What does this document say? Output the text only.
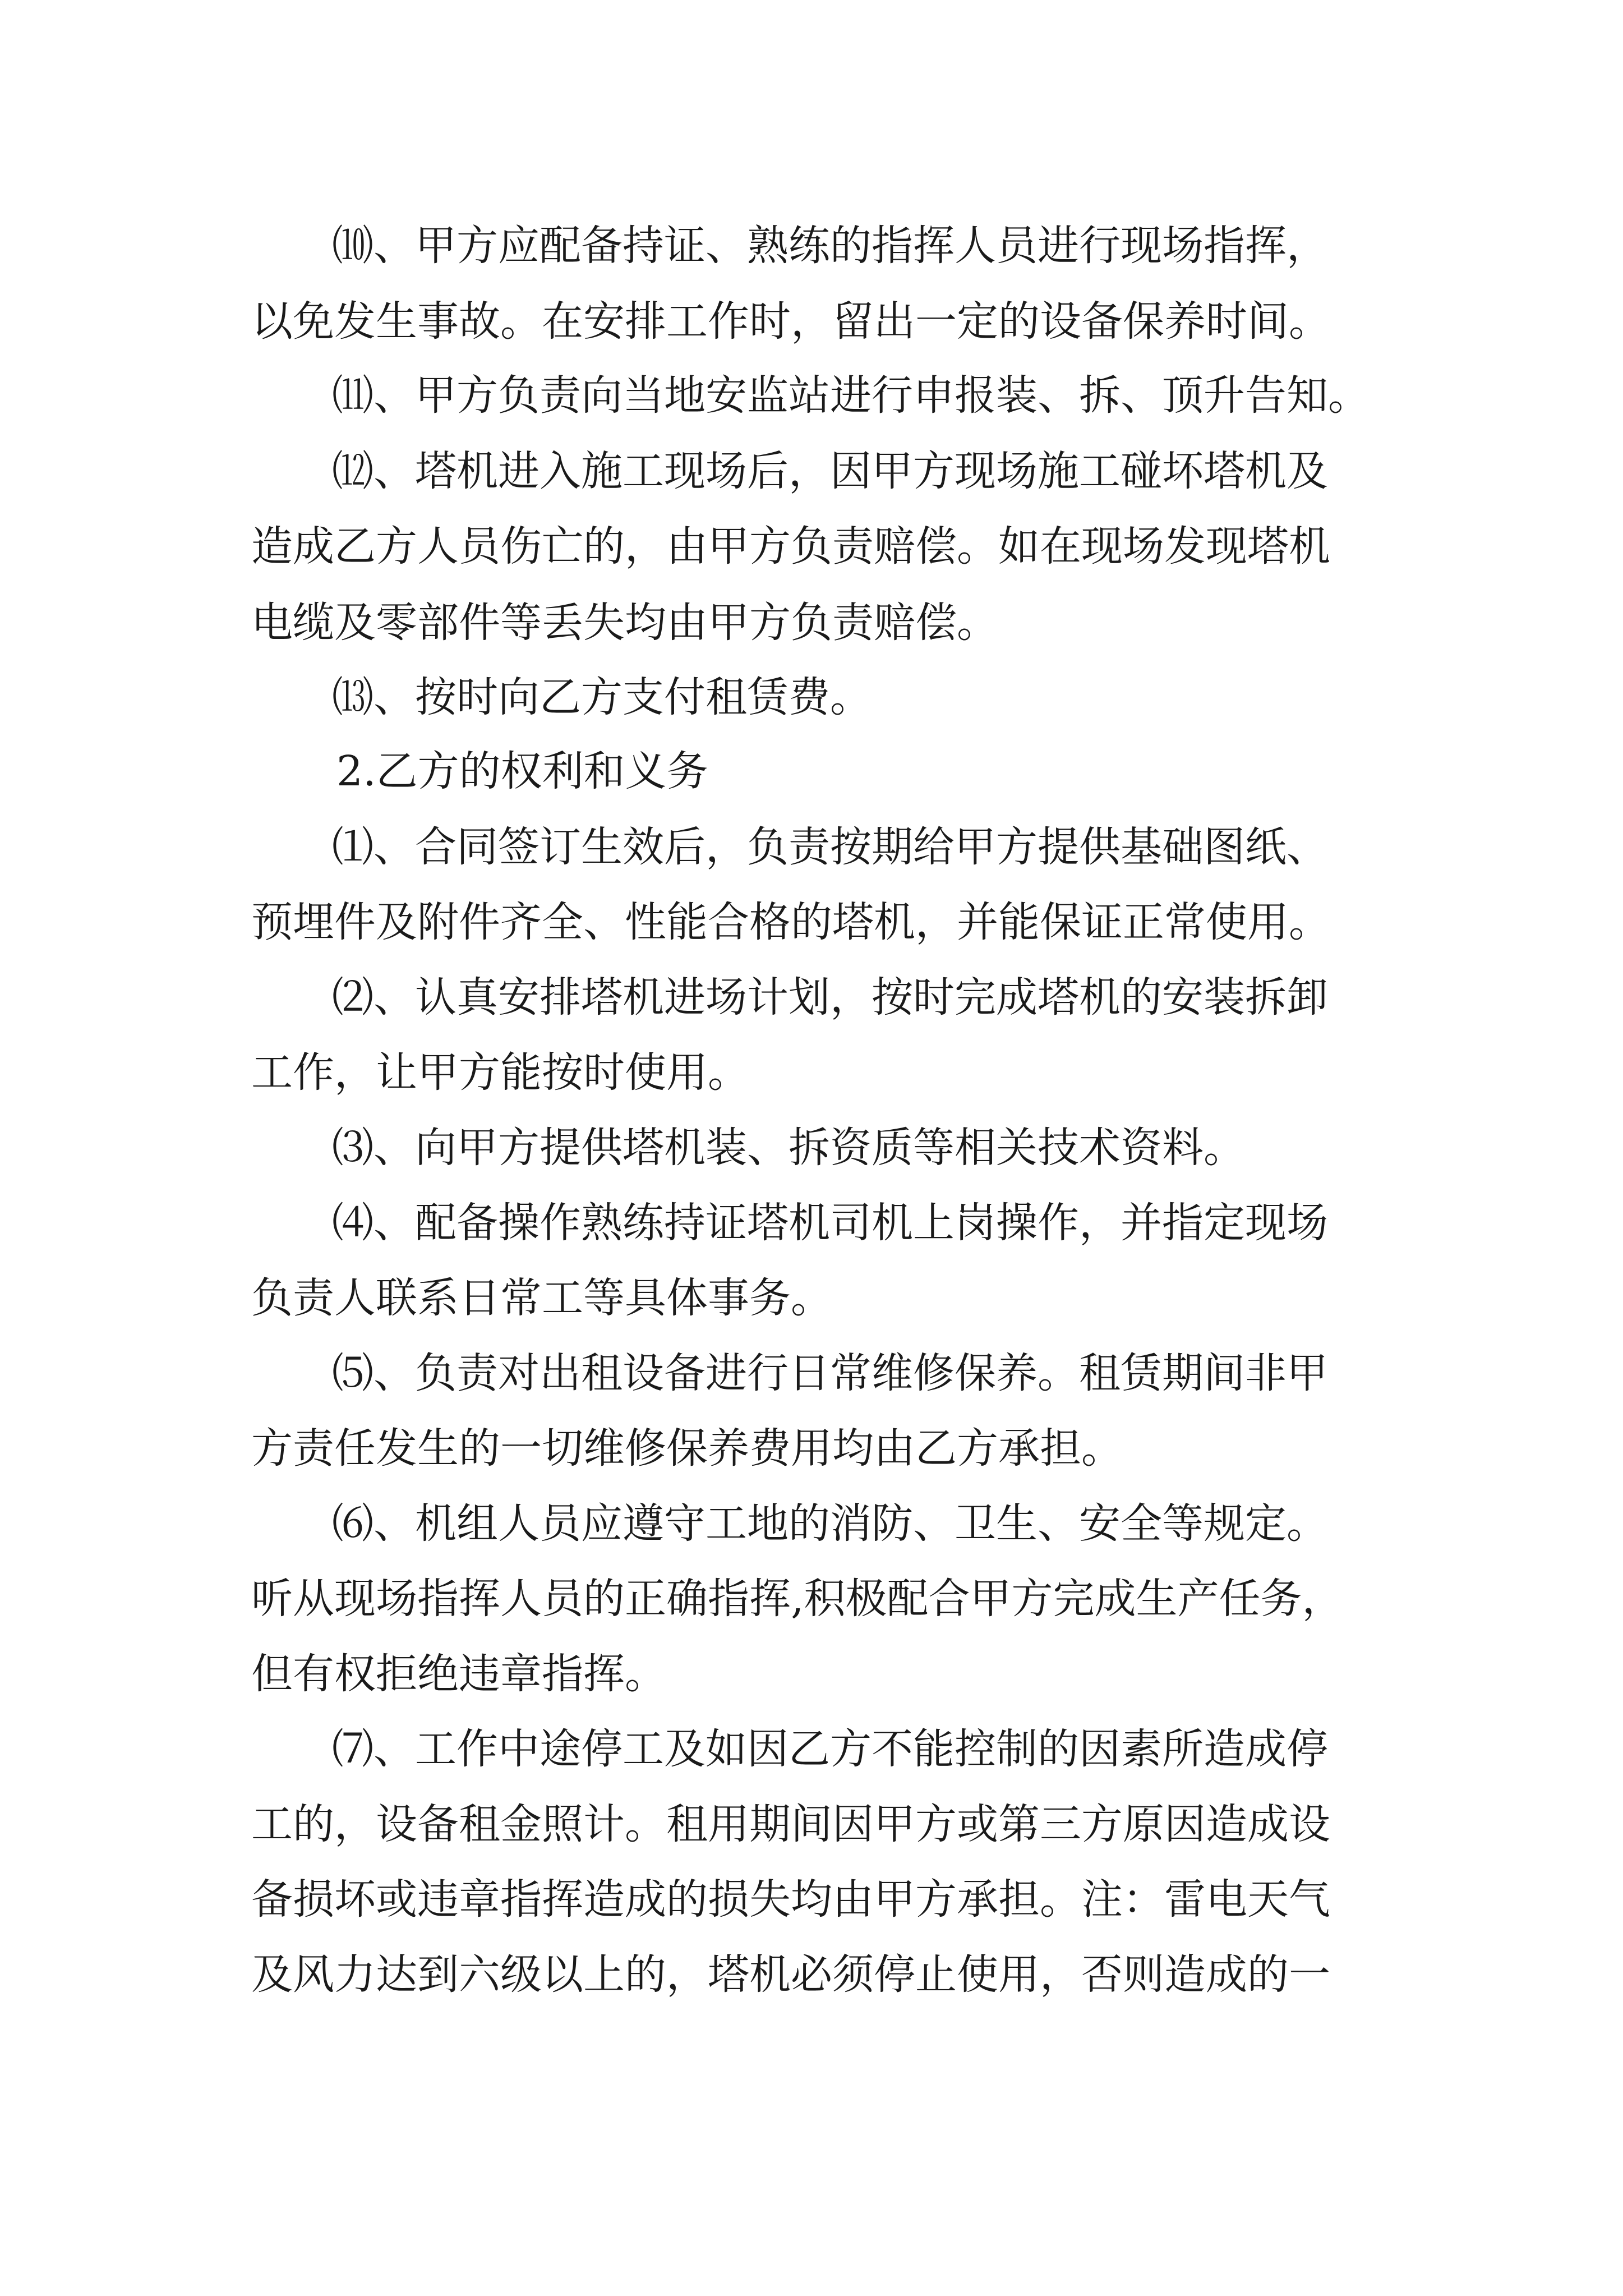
⑽、甲方应配备持证、熟练的指挥人员进行现场指挥，

以免发生事故。在安排工作时，留出一定的设备保养时间。

⑾、甲方负责向当地安监站进行申报装、拆、顶升告知。

⑿、塔机进入施工现场后，因甲方现场施工碰坏塔机及

造成乙方人员伤亡的，由甲方负责赔偿。如在现场发现塔机

电缆及零部件等丢失均由甲方负责赔偿。

⒀、按时向乙方支付租赁费。

2.乙方的权利和义务

⑴、合同签订生效后，负责按期给甲方提供基础图纸、

预埋件及附件齐全、性能合格的塔机，并能保证正常使用。

⑵、认真安排塔机进场计划，按时完成塔机的安装拆卸

工作，让甲方能按时使用。

⑶、向甲方提供塔机装、拆资质等相关技术资料。

⑷、配备操作熟练持证塔机司机上岗操作，并指定现场

负责人联系日常工等具体事务。

⑸、负责对出租设备进行日常维修保养。租赁期间非甲

方责任发生的一切维修保养费用均由乙方承担。

⑹、机组人员应遵守工地的消防、卫生、安全等规定。

听从现场指挥人员的正确指挥,积极配合甲方完成生产任务，

但有权拒绝违章指挥。

⑺、工作中途停工及如因乙方不能控制的因素所造成停

工的，设备租金照计。租用期间因甲方或第三方原因造成设

备损坏或违章指挥造成的损失均由甲方承担。注：雷电天气

及风力达到六级以上的，塔机必须停止使用，否则造成的一
